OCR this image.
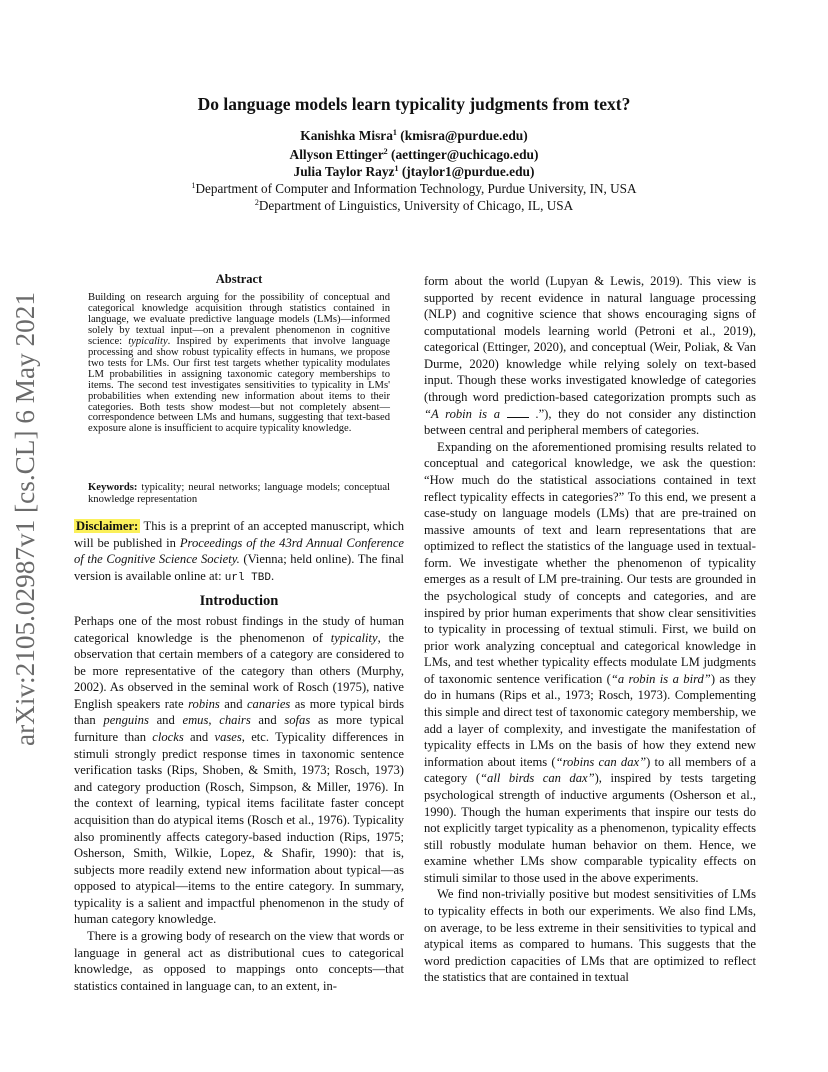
arXiv:2105.02987v1 [cs.CL] 6 May 2021
Do language models learn typicality judgments from text?
Kanishka Misra$^1$ (kmisra@purdue.edu)
Allyson Ettinger$^2$ (aettinger@uchicago.edu)
Julia Taylor Rayz$^1$ (jtaylor1@purdue.edu)
$^1$Department of Computer and Information Technology, Purdue University, IN, USA
$^2$Department of Linguistics, University of Chicago, IL, USA
Abstract
Building on research arguing for the possibility of conceptual and categorical knowledge acquisition through statistics contained in language, we evaluate predictive language models (LMs)—informed solely by textual input—on a prevalent phenomenon in cognitive science: typicality. Inspired by experiments that involve language processing and show robust typicality effects in humans, we propose two tests for LMs. Our first test targets whether typicality modulates LM probabilities in assigning taxonomic category memberships to items. The second test investigates sensitivities to typicality in LMs' probabilities when extending new information about items to their categories. Both tests show modest—but not completely absent—correspondence between LMs and humans, suggesting that text-based exposure alone is insufficient to acquire typicality knowledge.
Keywords: typicality; neural networks; language models; conceptual knowledge representation
Disclaimer: This is a preprint of an accepted manuscript, which will be published in Proceedings of the 43rd Annual Conference of the Cognitive Science Society. (Vienna; held online). The final version is available online at: url TBD.
Introduction

Perhaps one of the most robust findings in the study of human categorical knowledge is the phenomenon of typicality, the observation that certain members of a category are considered to be more representative of the category than others (Murphy, 2002). As observed in the seminal work of Rosch (1975), native English speakers rate robins and canaries as more typical birds than penguins and emus, chairs and sofas as more typical furniture than clocks and vases, etc. Typicality differences in stimuli strongly predict response times in taxonomic sentence verification tasks (Rips, Shoben, & Smith, 1973; Rosch, 1973) and category production (Rosch, Simpson, & Miller, 1976). In the context of learning, typical items facilitate faster concept acquisition than do atypical items (Rosch et al., 1976). Typicality also prominently affects category-based induction (Rips, 1975; Osherson, Smith, Wilkie, Lopez, & Shafir, 1990): that is, subjects more readily extend new information about typical—as opposed to atypical—items to the entire category. In summary, typicality is a salient and impactful phenomenon in the study of human category knowledge.

There is a growing body of research on the view that words or language in general act as distributional cues to categorical knowledge, as opposed to mappings onto concepts—that statistics contained in language can, to an extent, in-

form about the world (Lupyan & Lewis, 2019). This view is supported by recent evidence in natural language processing (NLP) and cognitive science that shows encouraging signs of computational models learning world (Petroni et al., 2019), categorical (Ettinger, 2020), and conceptual (Weir, Poliak, & Van Durme, 2020) knowledge while relying solely on text-based input. Though these works investigated knowledge of categories (through word prediction-based categorization prompts such as “A robin is a  .”), they do not consider any distinction between central and peripheral members of categories.

Expanding on the aforementioned promising results related to conceptual and categorical knowledge, we ask the question: “How much do the statistical associations contained in text reflect typicality effects in categories?” To this end, we present a case-study on language models (LMs) that are pre-trained on massive amounts of text and learn representations that are optimized to reflect the statistics of the language used in textual-form. We investigate whether the phenomenon of typicality emerges as a result of LM pre-training. Our tests are grounded in the psychological study of concepts and categories, and are inspired by prior human experiments that show clear sensitivities to typicality in processing of textual stimuli. First, we build on prior work analyzing conceptual and categorical knowledge in LMs, and test whether typicality effects modulate LM judgments of taxonomic sentence verification (“a robin is a bird”) as they do in humans (Rips et al., 1973; Rosch, 1973). Complementing this simple and direct test of taxonomic category membership, we add a layer of complexity, and investigate the manifestation of typicality effects in LMs on the basis of how they extend new information about items (“robins can dax”) to all members of a category (“all birds can dax”), inspired by tests targeting psychological strength of inductive arguments (Osherson et al., 1990). Though the human experiments that inspire our tests do not explicitly target typicality as a phenomenon, typicality effects still robustly modulate human behavior on them. Hence, we examine whether LMs show comparable typicality effects on stimuli similar to those used in the above experiments.

We find non-trivially positive but modest sensitivities of LMs to typicality effects in both our experiments. We also find LMs, on average, to be less extreme in their sensitivities to typical and atypical items as compared to humans. This suggests that the word prediction capacities of LMs that are optimized to reflect the statistics that are contained in textual
